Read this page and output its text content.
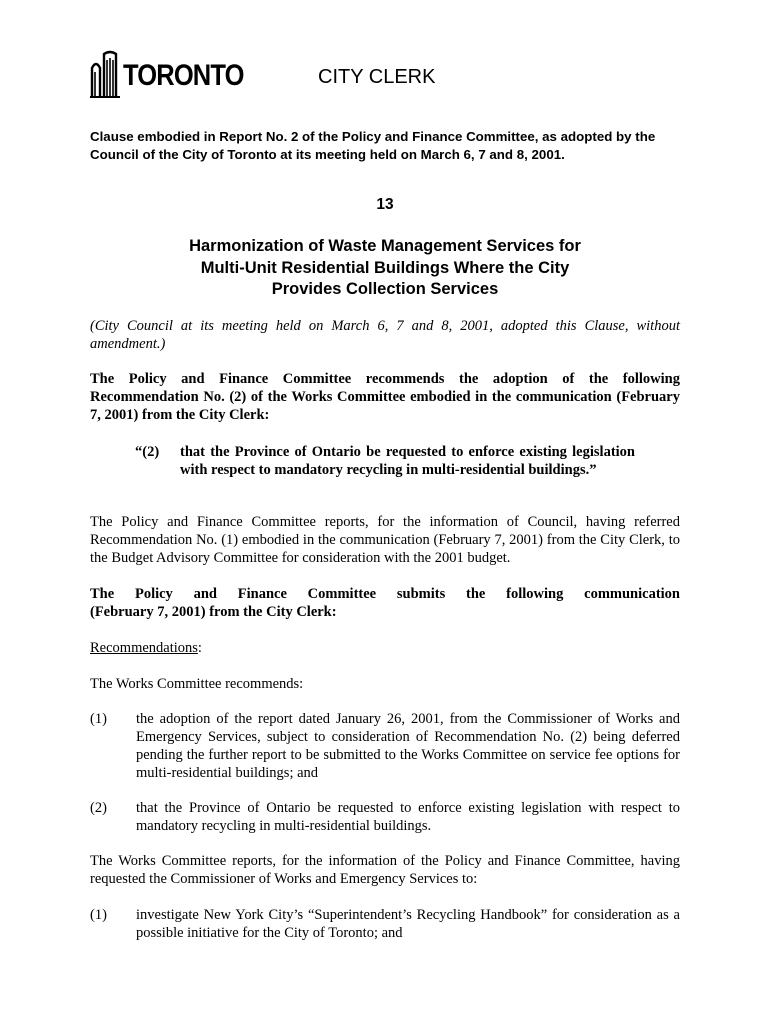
TORONTO	CITY CLERK
Clause embodied in Report No. 2 of the Policy and Finance Committee, as adopted by the Council of the City of Toronto at its meeting held on March 6, 7 and 8, 2001.
13
Harmonization of Waste Management Services for
Multi-Unit Residential Buildings Where the City
Provides Collection Services
(City Council at its meeting held on March 6, 7 and 8, 2001, adopted this Clause, without amendment.)
The Policy and Finance Committee recommends the adoption of the following Recommendation No. (2) of the Works Committee embodied in the communication (February 7, 2001) from the City Clerk:
“(2) that the Province of Ontario be requested to enforce existing legislation with respect to mandatory recycling in multi-residential buildings.”
The Policy and Finance Committee reports, for the information of Council, having referred Recommendation No. (1) embodied in the communication (February 7, 2001) from the City Clerk, to the Budget Advisory Committee for consideration with the 2001 budget.
The Policy and Finance Committee submits the following communication
(February 7, 2001) from the City Clerk:
Recommendations:
The Works Committee recommends:
(1) the adoption of the report dated January 26, 2001, from the Commissioner of Works and Emergency Services, subject to consideration of Recommendation No. (2) being deferred pending the further report to be submitted to the Works Committee on service fee options for multi-residential buildings; and
(2) that the Province of Ontario be requested to enforce existing legislation with respect to mandatory recycling in multi-residential buildings.
The Works Committee reports, for the information of the Policy and Finance Committee, having requested the Commissioner of Works and Emergency Services to:
(1) investigate New York City’s “Superintendent’s Recycling Handbook” for consideration as a possible initiative for the City of Toronto; and
